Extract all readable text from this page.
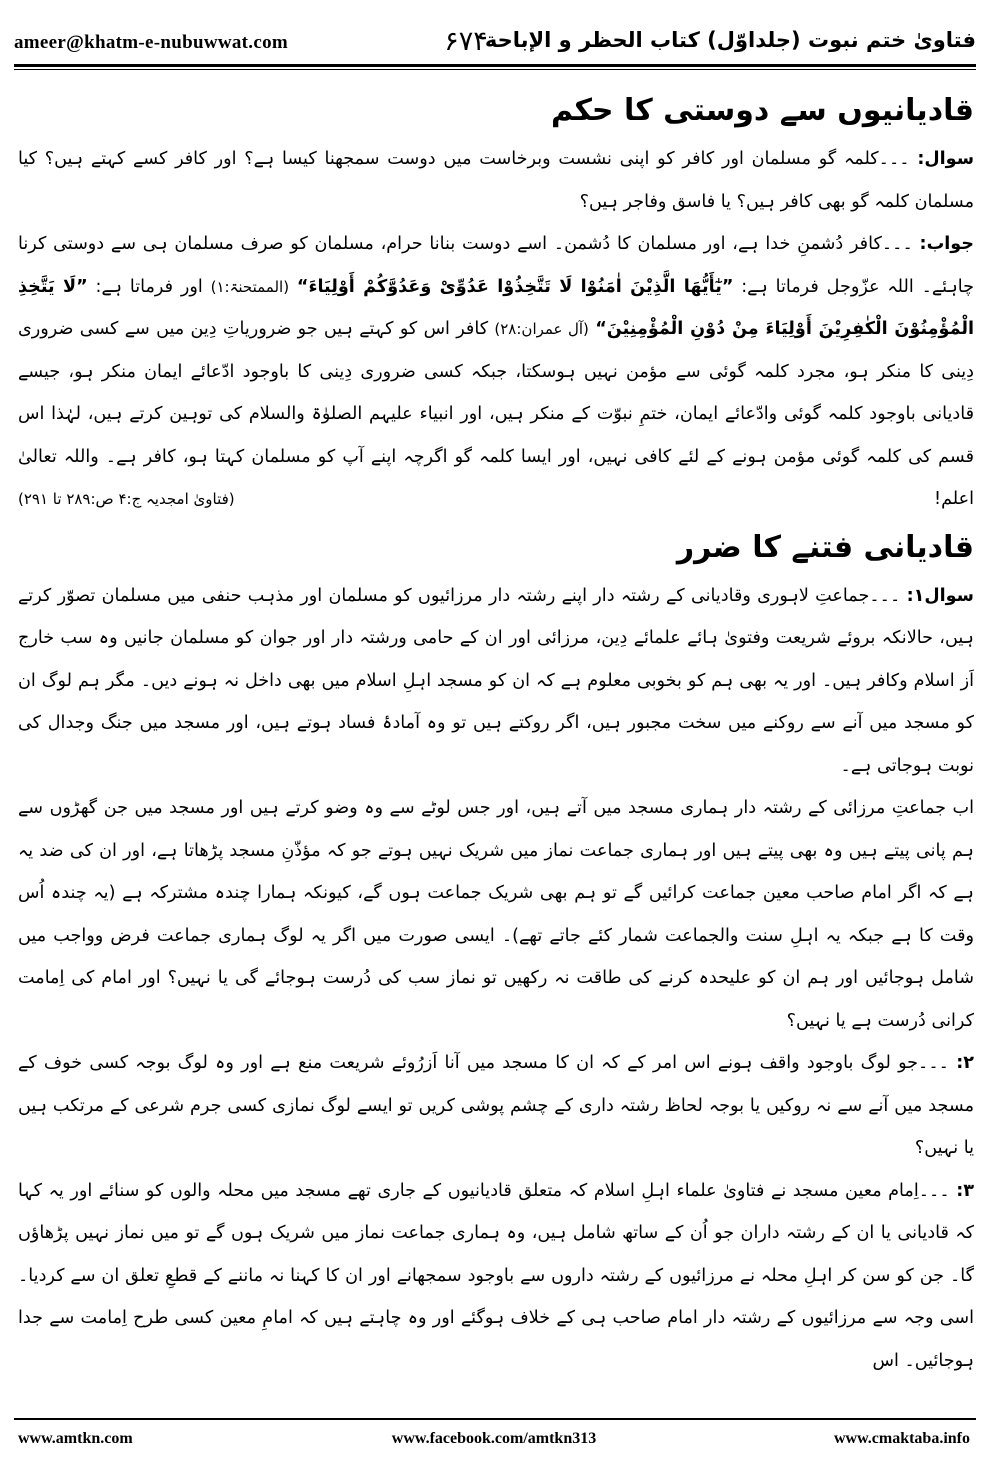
ameer@khatm-e-nubuwwat.com	۶۷۴
فتاویٰ ختم نبوت (جلداوّل) کتاب الحظر و الإباحة
قادیانیوں سے دوستی کا حکم

سوال: ۔۔۔کلمہ گو مسلمان اور کافر کو اپنی نشست وبرخاست میں دوست سمجھنا کیسا ہے؟ اور کافر کسے کہتے ہیں؟ کیا مسلمان کلمہ گو بھی کافر ہیں؟ یا فاسق وفاجر ہیں؟

جواب: ۔۔۔کافر دُشمنِ خدا ہے، اور مسلمان کا دُشمن۔ اسے دوست بنانا حرام، مسلمان کو صرف مسلمان ہی سے دوستی کرنا چاہئے۔ اللہ عزّوجل فرماتا ہے: ”یٰٓأَیُّھَا الَّذِیْنَ اٰمَنُوْا لَا تَتَّخِذُوْا عَدُوِّیْ وَعَدُوَّکُمْ أَوْلِیَاءَ“ (الممتحنۃ:۱) اور فرماتا ہے: ”لَا یَتَّخِذِ الْمُؤْمِنُوْنَ الْکٰفِرِیْنَ أَوْلِیَاءَ مِنْ دُوْنِ الْمُؤْمِنِیْنَ“ (آل عمران:۲۸) کافر اس کو کہتے ہیں جو ضروریاتِ دِین میں سے کسی ضروری دِینی کا منکر ہو، مجرد کلمہ گوئی سے مؤمن نہیں ہوسکتا، جبکہ کسی ضروری دِینی کا باوجود ادّعائے ایمان منکر ہو، جیسے قادیانی باوجود کلمہ گوئی وادّعائے ایمان، ختمِ نبوّت کے منکر ہیں، اور انبیاء علیہم الصلوٰۃ والسلام کی توہین کرتے ہیں، لہٰذا اس قسم کی کلمہ گوئی مؤمن ہونے کے لئے کافی نہیں، اور ایسا کلمہ گو اگرچہ اپنے آپ کو مسلمان کہتا ہو، کافر ہے۔ واللہ تعالیٰ اعلم!
(فتاویٰ امجدیہ ج:۴ ص:۲۸۹ تا ۲۹۱)

قادیانی فتنے کا ضرر

سوال۱: ۔۔۔جماعتِ لاہوری وقادیانی کے رشتہ دار اپنے رشتہ دار مرزائیوں کو مسلمان اور مذہب حنفی میں مسلمان تصوّر کرتے ہیں، حالانکہ بروئے شریعت وفتویٰ ہائے علمائے دِین، مرزائی اور ان کے حامی ورشتہ دار اور جوان کو مسلمان جانیں وہ سب خارج اَز اسلام وکافر ہیں۔ اور یہ بھی ہم کو بخوبی معلوم ہے کہ ان کو مسجد اہلِ اسلام میں بھی داخل نہ ہونے دیں۔ مگر ہم لوگ ان کو مسجد میں آنے سے روکنے میں سخت مجبور ہیں، اگر روکتے ہیں تو وہ آمادۂ فساد ہوتے ہیں، اور مسجد میں جنگ وجدال کی نوبت ہوجاتی ہے۔

اب جماعتِ مرزائی کے رشتہ دار ہماری مسجد میں آتے ہیں، اور جس لوٹے سے وہ وضو کرتے ہیں اور مسجد میں جن گھڑوں سے ہم پانی پیتے ہیں وہ بھی پیتے ہیں اور ہماری جماعت نماز میں شریک نہیں ہوتے جو کہ مؤذّنِ مسجد پڑھاتا ہے، اور ان کی ضد یہ ہے کہ اگر امام صاحب معین جماعت کرائیں گے تو ہم بھی شریک جماعت ہوں گے، کیونکہ ہمارا چندہ مشترکہ ہے (یہ چندہ اُس وقت کا ہے جبکہ یہ اہلِ سنت والجماعت شمار کئے جاتے تھے)۔ ایسی صورت میں اگر یہ لوگ ہماری جماعت فرض وواجب میں شامل ہوجائیں اور ہم ان کو علیحدہ کرنے کی طاقت نہ رکھیں تو نماز سب کی دُرست ہوجائے گی یا نہیں؟ اور امام کی اِمامت کرانی دُرست ہے یا نہیں؟

۲: ۔۔۔جو لوگ باوجود واقف ہونے اس امر کے کہ ان کا مسجد میں آنا اَزرُوئے شریعت منع ہے اور وہ لوگ بوجہ کسی خوف کے مسجد میں آنے سے نہ روکیں یا بوجہ لحاظ رشتہ داری کے چشم پوشی کریں تو ایسے لوگ نمازی کسی جرم شرعی کے مرتکب ہیں یا نہیں؟

۳: ۔۔۔اِمام معین مسجد نے فتاویٰ علماء اہلِ اسلام کہ متعلق قادیانیوں کے جاری تھے مسجد میں محلہ والوں کو سنائے اور یہ کہا کہ قادیانی یا ان کے رشتہ داران جو اُن کے ساتھ شامل ہیں، وہ ہماری جماعت نماز میں شریک ہوں گے تو میں نماز نہیں پڑھاؤں گا۔ جن کو سن کر اہلِ محلہ نے مرزائیوں کے رشتہ داروں سے باوجود سمجھانے اور ان کا کہنا نہ ماننے کے قطعِ تعلق ان سے کردیا۔ اسی وجہ سے مرزائیوں کے رشتہ دار امام صاحب ہی کے خلاف ہوگئے اور وہ چاہتے ہیں کہ امامِ معین کسی طرح اِمامت سے جدا ہوجائیں۔ اس

www.amtkn.com	www.facebook.com/amtkn313	www.cmaktaba.info
